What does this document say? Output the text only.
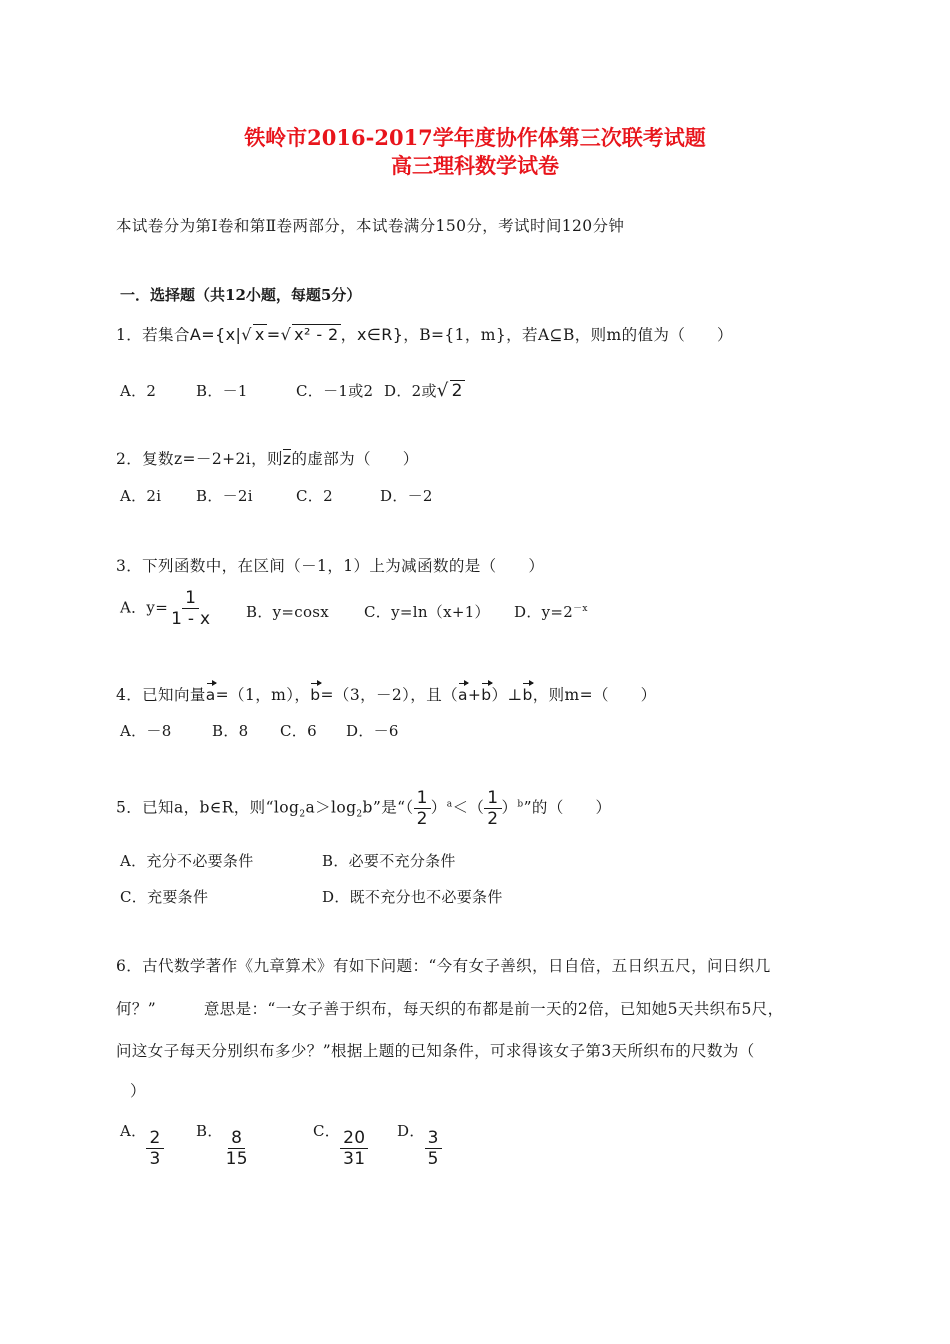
铁岭市2016-2017学年度协作体第三次联考试题
高三理科数学试卷
本试卷分为第Ⅰ卷和第Ⅱ卷两部分，本试卷满分150分，考试时间120分钟
一．选择题（共12小题，每题5分）
1．若集合A={x|√ x =√ x² - 2 ，x∈R}，B={1，m}，若A⊆B，则m的值为（　　）
A．2	B．－1	C．－1或2 D．2或√ 2
2．复数z=－2+2i，则z的虚部为（　　）
A．2i B．－2i	C．2	D．－2
3．下列函数中，在区间（－1，1）上为减函数的是（　　）
A．$y= \frac{1}{1 - x}$ B．y=cosx C．y=ln（x+1） D．$y=2^{-x}$
4．已知向量a=（1，m），b=（3，－2），且（a+b）⊥b，则m=（　　）
A．－8	B．8 C．6 D．－6
5．已知a，b∈R，则“$\log_2a>\log_2b$”是“（ $\frac{1}{2} )^a<( \frac{1}{2} )^b$”的（　　）
A．充分不必要条件	B．必要不充分条件
C．充要条件	D．既不充分也不必要条件
6．古代数学著作《九章算术》有如下问题：“今有女子善织，日自倍，五日织五尺，问日织几
何？”　　　意思是：“一女子善于织布，每天织的布都是前一天的2倍，已知她5天共织布5尺，
问这女子每天分别织布多少？”根据上题的已知条件，可求得该女子第3天所织布的尺数为（
）
A． $\frac{2}{3}$ B． $\frac{8}{15}$	C． $\frac{20}{31}$ D． $\frac{3}{5}$
